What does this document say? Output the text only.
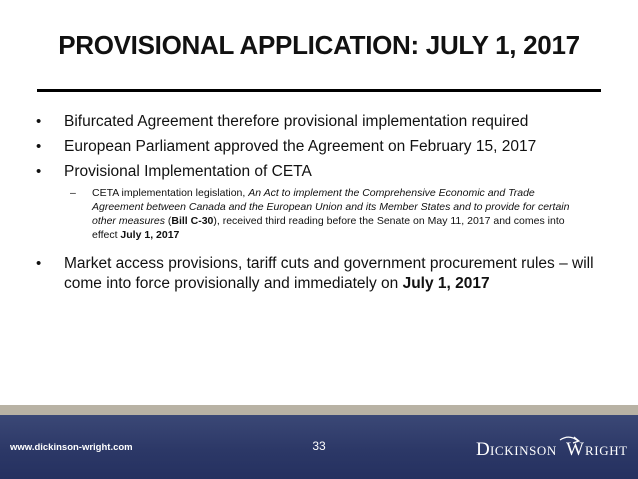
PROVISIONAL APPLICATION: JULY 1, 2017
•	Bifurcated Agreement therefore provisional implementation required
•	European Parliament approved the Agreement on February 15, 2017
•	Provisional Implementation of CETA
–	CETA implementation legislation, An Act to implement the Comprehensive Economic and Trade Agreement between Canada and the European Union and its Member States and to provide for certain other measures (Bill C-30), received third reading before the Senate on May 11, 2017 and comes into effect July 1, 2017
•	Market access provisions, tariff cuts and government procurement rules – will come into force provisionally and immediately on July 1, 2017
www.dickinson-wright.com	33	D ICKINSON W RIGHT
